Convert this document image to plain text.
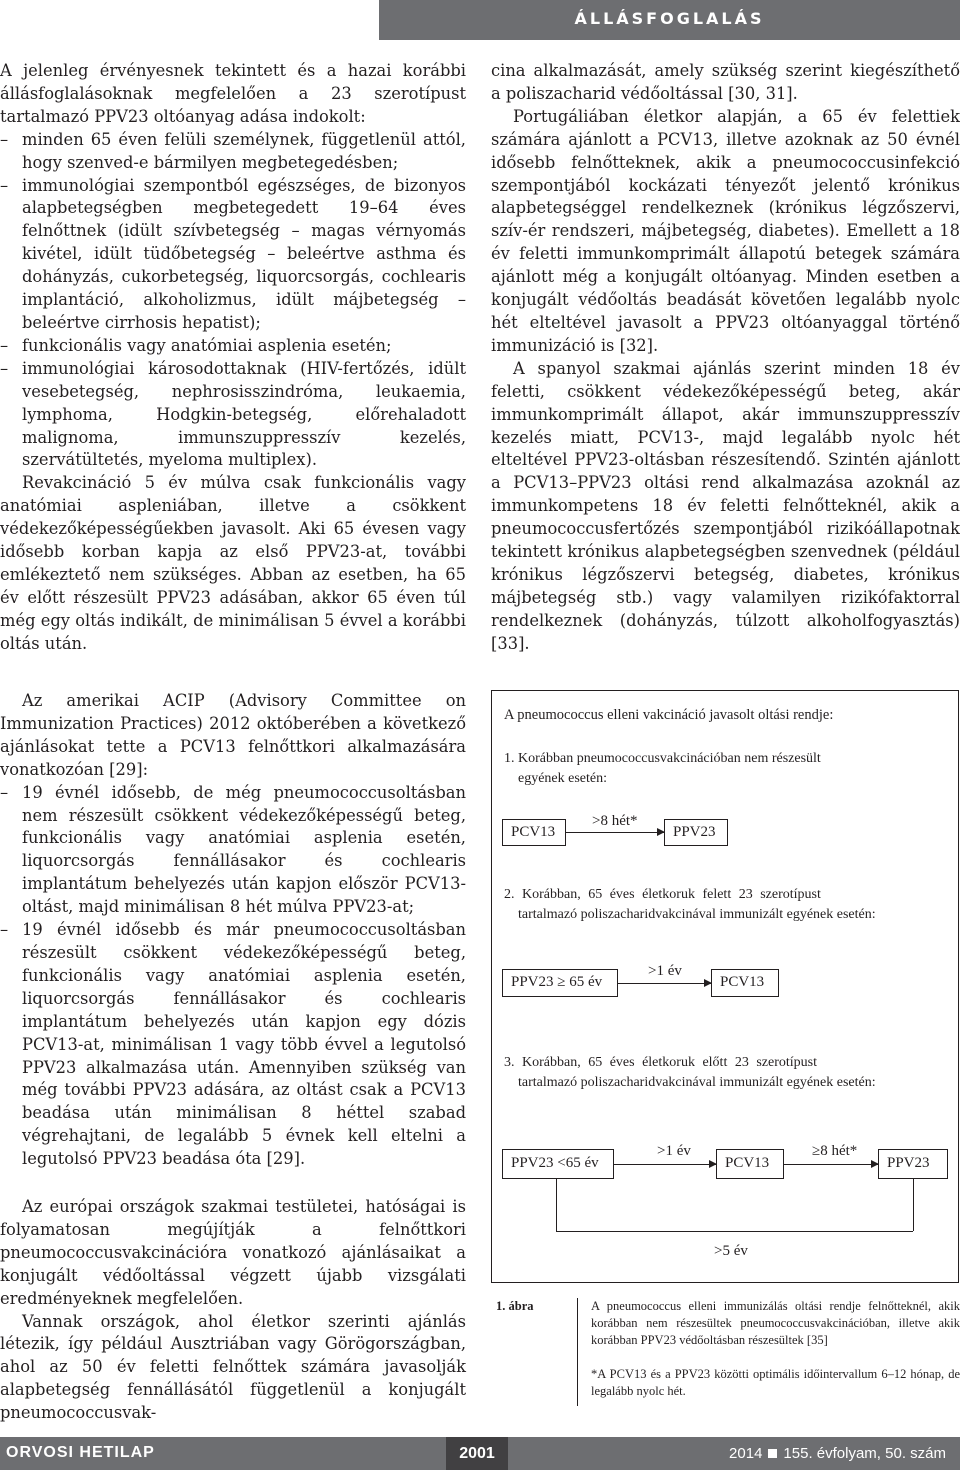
ÁLLÁSFOGLALÁS

A jelenleg érvényesnek tekintett és a hazai korábbi állásfoglalásoknak megfelelően a 23 szerotípust tartalmazó PPV23 oltóanyag adása indokolt:

– minden 65 éven felüli személynek, függetlenül attól, hogy szenved-e bármilyen megbetegedésben;
– immunológiai szempontból egészséges, de bizonyos alapbetegségben megbetegedett 19–64 éves felnőttnek (idült szívbetegség – magas vérnyomás kivétel, idült tüdőbetegség – beleértve asthma és dohányzás, cukorbetegség, liquorcsorgás, cochlearis implantáció, alkoholizmus, idült májbetegség – beleértve cirrhosis hepatist);
– funkcionális vagy anatómiai asplenia esetén;
– immunológiai károsodottaknak (HIV-fertőzés, idült vesebetegség, nephrosisszindróma, leukaemia, lymphoma, Hodgkin-betegség, előrehaladott malignoma, immunszuppresszív kezelés, szervátültetés, myeloma multiplex).

Revakcináció 5 év múlva csak funkcionális vagy anatómiai aspleniában, illetve a csökkent védekezőképességűekben javasolt. Aki 65 évesen vagy idősebb korban kapja az első PPV23-at, további emlékeztető nem szükséges. Abban az esetben, ha 65 év előtt részesült PPV23 adásában, akkor 65 éven túl még egy oltás indikált, de minimálisan 5 évvel a korábbi oltás után.

Az amerikai ACIP (Advisory Committee on Immunization Practices) 2012 októberében a következő ajánlásokat tette a PCV13 felnőttkori alkalmazására vonatkozóan [29]:

– 19 évnél idősebb, de még pneumococcusoltásban nem részesült csökkent védekezőképességű beteg, funkcionális vagy anatómiai asplenia esetén, liquorcsorgás fennállásakor és cochlearis implantátum behelyezés után kapjon először PCV13-oltást, majd minimálisan 8 hét múlva PPV23-at;
– 19 évnél idősebb és már pneumococcusoltásban részesült csökkent védekezőképességű beteg, funkcionális vagy anatómiai asplenia esetén, liquorcsorgás fennállásakor és cochlearis implantátum behelyezés után kapjon egy dózis PCV13-at, minimálisan 1 vagy több évvel a legutolsó PPV23 alkalmazása után. Amennyiben szükség van még további PPV23 adására, az oltást csak a PCV13 beadása után minimálisan 8 héttel szabad végrehajtani, de legalább 5 évnek kell eltelni a legutolsó PPV23 beadása óta [29].

Az európai országok szakmai testületei, hatóságai is folyamatosan megújítják a felnőttkori pneumococcusvakcinációra vonatkozó ajánlásaikat a konjugált védőoltással végzett újabb vizsgálati eredményeknek megfelelően.

Vannak országok, ahol életkor szerinti ajánlás létezik, így például Ausztriában vagy Görögországban, ahol az 50 év feletti felnőttek számára javasolják alapbetegség fennállásától függetlenül a konjugált pneumococcusvak-

cina alkalmazását, amely szükség szerint kiegészíthető a poliszacharid védőoltással [30, 31].

Portugáliában életkor alapján, a 65 év felettiek számára ajánlott a PCV13, illetve azoknak az 50 évnél idősebb felnőtteknek, akik a pneumococcusinfekció szempontjából kockázati tényezőt jelentő krónikus alapbetegséggel rendelkeznek (krónikus légzőszervi, szív-ér rendszeri, májbetegség, diabetes). Emellett a 18 év feletti immunkomprimált állapotú betegek számára ajánlott még a konjugált oltóanyag. Minden esetben a konjugált védőoltás beadását követően legalább nyolc hét elteltével javasolt a PPV23 oltóanyaggal történő immunizáció is [32].

A spanyol szakmai ajánlás szerint minden 18 év feletti, csökkent védekezőképességű beteg, akár immunkomprimált állapot, akár immunszuppresszív kezelés miatt, PCV13-, majd legalább nyolc hét elteltével PPV23-oltásban részesítendő. Szintén ajánlott a PCV13–PPV23 oltási rend alkalmazása azoknál az immunkompetens 18 év feletti felnőtteknél, akik a pneumococcusfertőzés szempontjából rizikóállapotnak tekintett krónikus alapbetegségben szenvednek (például krónikus légzőszervi betegség, diabetes, krónikus májbetegség stb.) vagy valamilyen rizikófaktorral rendelkeznek (dohányzás, túlzott alkoholfogyasztás) [33].

A pneumococcus elleni vakcináció javasolt oltási rendje:
1. Korábban pneumococcusvakcinációban nem részesült
egyének esetén:
PCV13
>8 hét*
PPV23
2. Korábban, 65 éves életkoruk felett 23 szerotípust
tartalmazó poliszacharidvakcinával immunizált egyének esetén:
PPV23 ≥ 65 év
>1 év
PCV13
3. Korábban, 65 éves életkoruk előtt 23 szerotípust
tartalmazó poliszacharidvakcinával immunizált egyének esetén:
PPV23 <65 év
>1 év
PCV13
≥8 hét*
PPV23
>5 év
1. ábra	A pneumococcus elleni immunizálás oltási rendje felnőtteknél, akik korábban nem részesültek pneumococcusvakcinációban, illetve akik korábban PPV23 védőoltásban részesültek [35]
*A PCV13 és a PPV23 közötti optimális időintervallum 6–12 hónap, de legalább nyolc hét.
ORVOSI HETILAP	2001	2014 155. évfolyam, 50. szám
